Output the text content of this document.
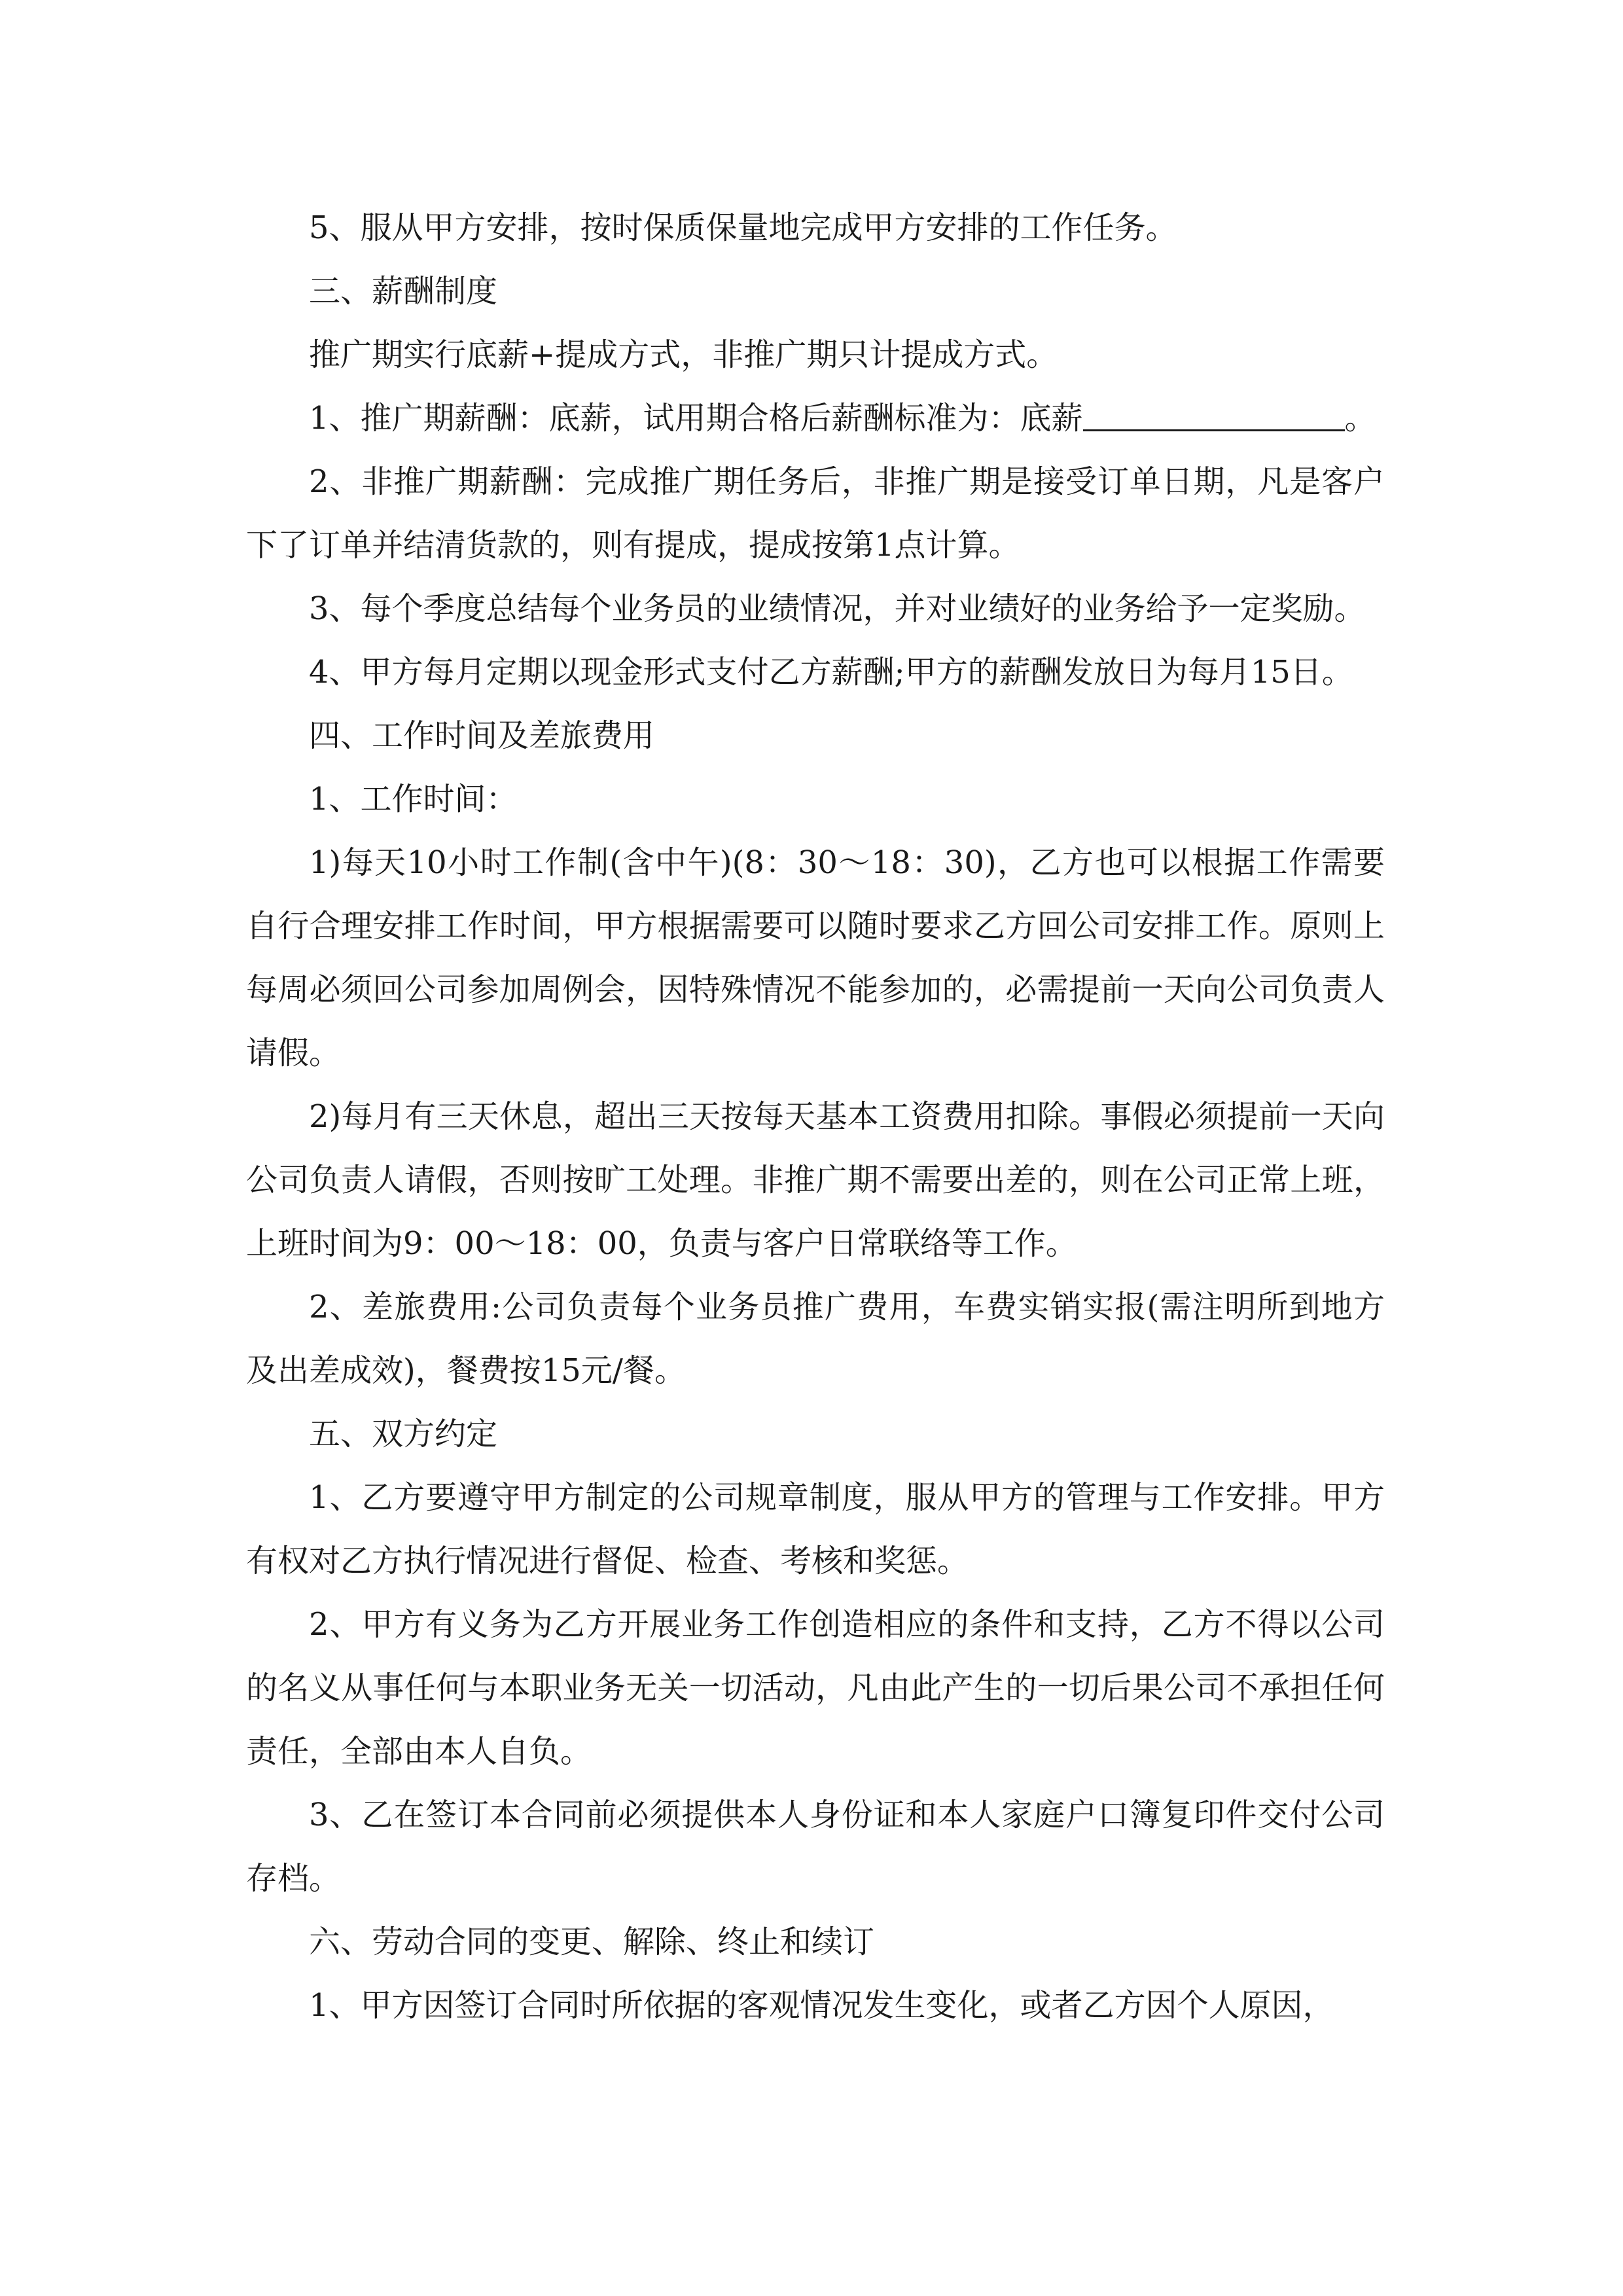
5、服从甲方安排，按时保质保量地完成甲方安排的工作任务。

三、薪酬制度

推广期实行底薪+提成方式，非推广期只计提成方式。

1、推广期薪酬：底薪，试用期合格后薪酬标准为：底薪	。

2、非推广期薪酬：完成推广期任务后，非推广期是接受订单日期，凡是客户下了订单并结清货款的，则有提成，提成按第1点计算。

3、每个季度总结每个业务员的业绩情况，并对业绩好的业务给予一定奖励。

4、甲方每月定期以现金形式支付乙方薪酬;甲方的薪酬发放日为每月15日。

四、工作时间及差旅费用

1、工作时间：

1)每天10小时工作制(含中午)(8：30～18：30)，乙方也可以根据工作需要自行合理安排工作时间，甲方根据需要可以随时要求乙方回公司安排工作。原则上每周必须回公司参加周例会，因特殊情况不能参加的，必需提前一天向公司负责人请假。

2)每月有三天休息，超出三天按每天基本工资费用扣除。事假必须提前一天向公司负责人请假，否则按旷工处理。非推广期不需要出差的，则在公司正常上班，上班时间为9：00～18：00，负责与客户日常联络等工作。

2、差旅费用:公司负责每个业务员推广费用，车费实销实报(需注明所到地方及出差成效)，餐费按15元/餐。

五、双方约定

1、乙方要遵守甲方制定的公司规章制度，服从甲方的管理与工作安排。甲方有权对乙方执行情况进行督促、检查、考核和奖惩。

2、甲方有义务为乙方开展业务工作创造相应的条件和支持，乙方不得以公司的名义从事任何与本职业务无关一切活动，凡由此产生的一切后果公司不承担任何责任，全部由本人自负。

3、乙在签订本合同前必须提供本人身份证和本人家庭户口簿复印件交付公司存档。

六、劳动合同的变更、解除、终止和续订

1、甲方因签订合同时所依据的客观情况发生变化，或者乙方因个人原因，
